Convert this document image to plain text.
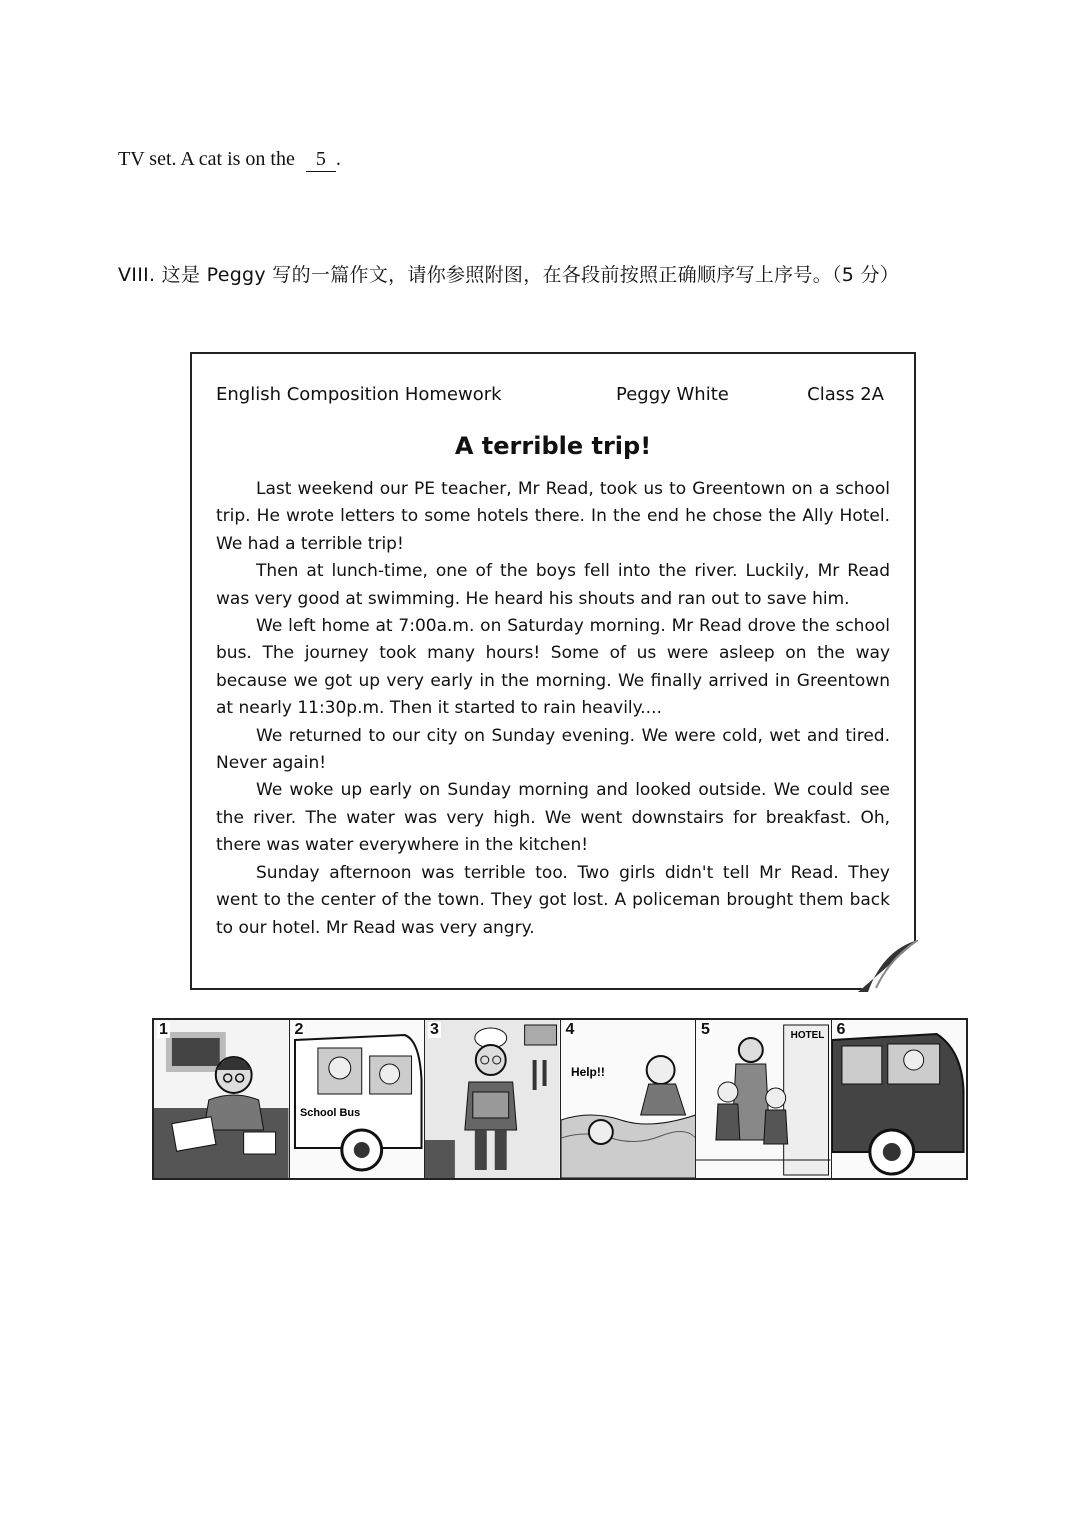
TV set. A cat is on the 5 .
VIII. 这是 Peggy 写的一篇作文，请你参照附图，在各段前按照正确顺序写上序号。（5 分）
English Composition Homework	Peggy White	Class 2A
A terrible trip!

Last weekend our PE teacher, Mr Read, took us to Greentown on a school trip. He wrote letters to some hotels there. In the end he chose the Ally Hotel. We had a terrible trip!

Then at lunch-time, one of the boys fell into the river. Luckily, Mr Read was very good at swimming. He heard his shouts and ran out to save him.

We left home at 7:00a.m. on Saturday morning. Mr Read drove the school bus. The journey took many hours! Some of us were asleep on the way because we got up very early in the morning. We finally arrived in Greentown at nearly 11:30p.m. Then it started to rain heavily....

We returned to our city on Sunday evening. We were cold, wet and tired. Never again!

We woke up early on Sunday morning and looked outside. We could see the river. The water was very high. We went downstairs for breakfast. Oh, there was water everywhere in the kitchen!

Sunday afternoon was terrible too. Two girls didn't tell Mr Read. They went to the center of the town. They got lost. A policeman brought them back to our hotel. Mr Read was very angry.

1
School Bus
2	3
Help!!
4	HOTEL
5	6
